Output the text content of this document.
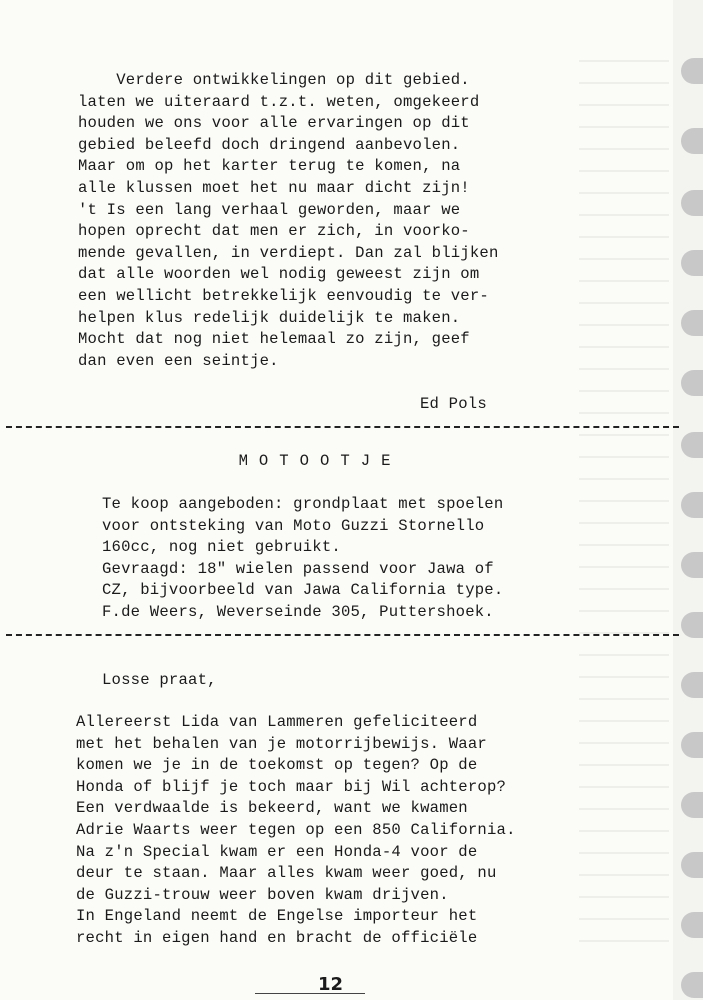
Verdere ontwikkelingen op dit gebied.
laten we uiteraard t.z.t. weten, omgekeerd
houden we ons voor alle ervaringen op dit
gebied beleefd doch dringend aanbevolen.
Maar om op het karter terug te komen, na
alle klussen moet het nu maar dicht zijn!
't Is een lang verhaal geworden, maar we
hopen oprecht dat men er zich, in voorko-
mende gevallen, in verdiept. Dan zal blijken
dat alle woorden wel nodig geweest zijn om
een wellicht betrekkelijk eenvoudig te ver-
helpen klus redelijk duidelijk te maken.
Mocht dat nog niet helemaal zo zijn, geef
dan even een seintje.
Ed Pols
MOTOOTJE
Te koop aangeboden: grondplaat met spoelen
voor ontsteking van Moto Guzzi Stornello
160cc, nog niet gebruikt.
Gevraagd: 18" wielen passend voor Jawa of
CZ, bijvoorbeeld van Jawa California type.
F.de Weers, Weverseinde 305, Puttershoek.
Losse praat,
Allereerst Lida van Lammeren gefeliciteerd
met het behalen van je motorrijbewijs. Waar
komen we je in de toekomst op tegen? Op de
Honda of blijf je toch maar bij Wil achterop?
Een verdwaalde is bekeerd, want we kwamen
Adrie Waarts weer tegen op een 850 California.
Na z'n Special kwam er een Honda-4 voor de
deur te staan. Maar alles kwam weer goed, nu
de Guzzi-trouw weer boven kwam drijven.
In Engeland neemt de Engelse importeur het
recht in eigen hand en bracht de officiële
12
